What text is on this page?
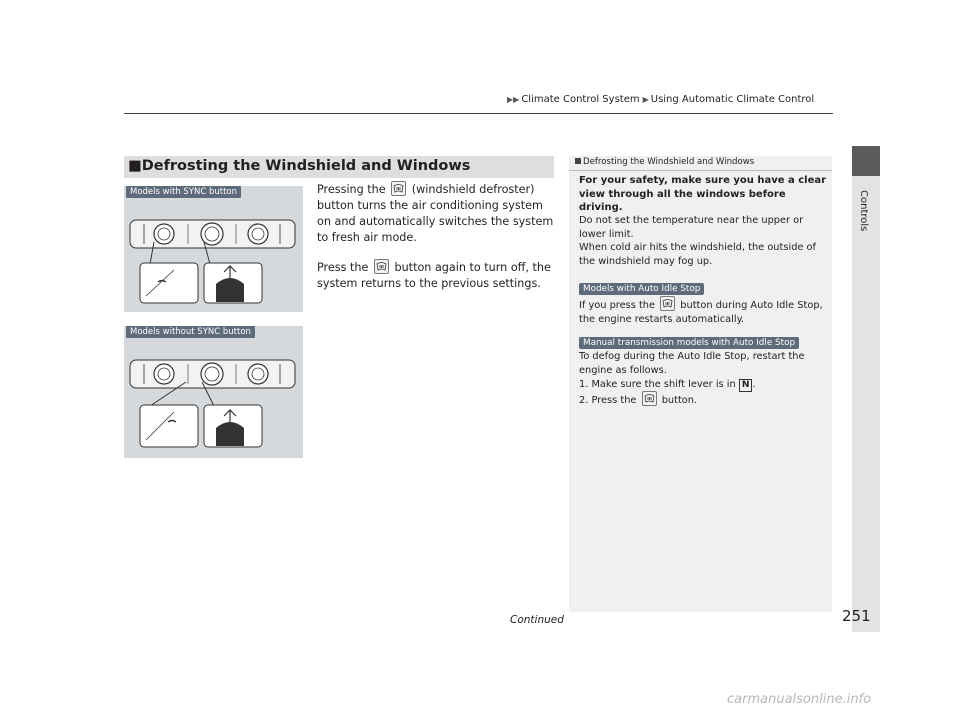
▶▶ Climate Control System ▶ Using Automatic Climate Control
Controls
■Defrosting the Windshield and Windows
Pressing the (windshield defroster) button turns the air conditioning system on and automatically switches the system to fresh air mode.
Press the button again to turn off, the system returns to the previous settings.
Models with SYNC button
Models without SYNC button
Defrosting the Windshield and Windows
For your safety, make sure you have a clear view through all the windows before driving.
Do not set the temperature near the upper or lower limit.
When cold air hits the windshield, the outside of the windshield may fog up.
Models with Auto Idle Stop
If you press the	button during Auto Idle Stop, the engine restarts automatically.
Manual transmission models with Auto Idle Stop
To defog during the Auto Idle Stop, restart the engine as follows.
1. Make sure the shift lever is in N .
2. Press the	button.
Continued	251
carmanualsonline.info
